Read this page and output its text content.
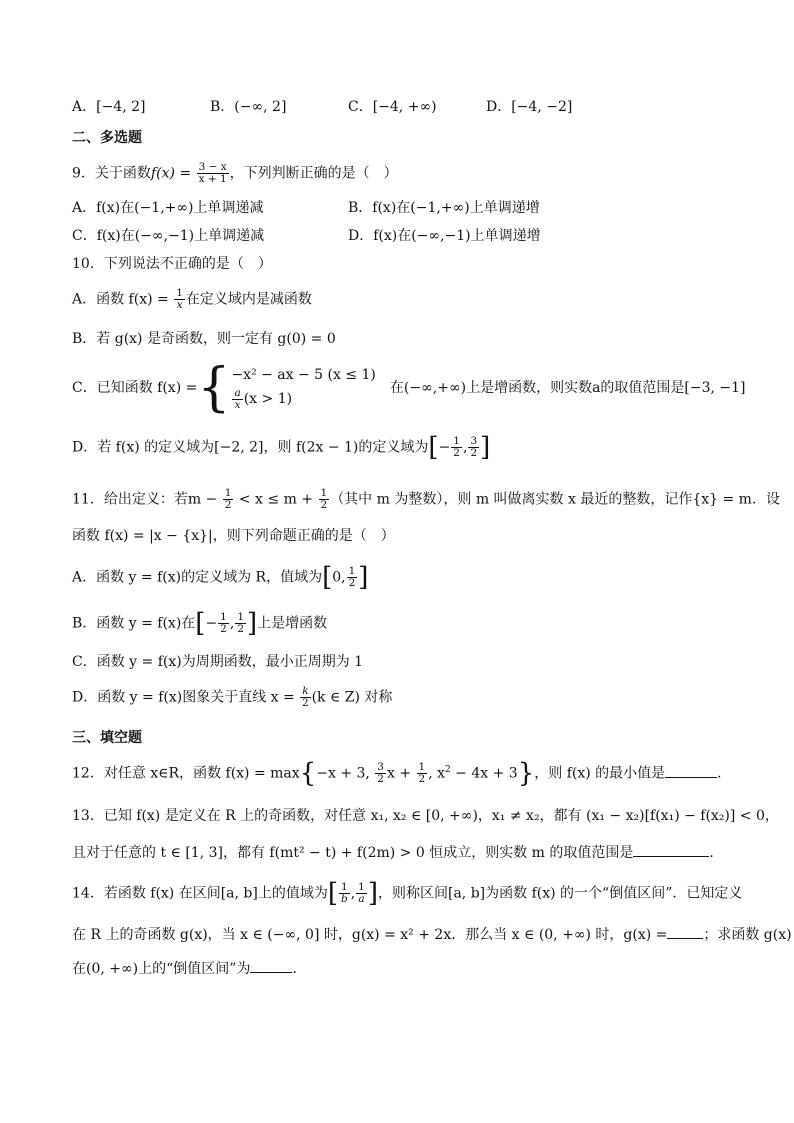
A．[−4, 2]	B．(−∞, 2]	C．[−4, +∞)	D．[−4, −2]
二、多选题
9．关于函数$f(x) = \frac{3 - x}{x + 1}$ ，下列判断正确的是（　）
A．f(x)在(−1,+∞)上单调递减	B．f(x)在(−1,+∞)上单调递增
C．f(x)在(−∞,−1)上单调递减	D．f(x)在(−∞,−1)上单调递增
10．下列说法不正确的是（　）
A．函数 $f(x) = \frac{1}{x}$ 在定义域内是减函数
B．若 g(x) 是奇函数，则一定有 g(0) = 0
C．已知函数 f(x) ={ −x² − ax − 5 (x ≤ 1)
$\frac{a}{x} (x > 1)$
在(−∞,+∞)上是增函数，则实数a的取值范围是[−3, −1]
D．若 f(x) 的定义域为[−2, 2]，则 f(2x − 1)的定义域为[− $\frac{1}{2}$ , $\frac{3}{2}$ ]
11．给出定义：若$m - \frac{1}{2} < x \le m + \frac{1}{2}$ （其中 m 为整数），则 m 叫做离实数 x 最近的整数，记作{x} = m．设
函数 f(x) = |x − {x}|，则下列命题正确的是（　）
A．函数 y = f(x)的定义域为 R，值域为[0, $\frac{1}{2}$ ]
B．函数 y = f(x)在[− $\frac{1}{2}$ , $\frac{1}{2}$ ]上是增函数
C．函数 y = f(x)为周期函数，最小正周期为 1
D．函数 y = f(x)图象关于直线 $x = \frac{k}{2} (k$ ∈ Z) 对称
三、填空题
12．对任意 x∈R，函数 f(x) = max{−x + 3, $\frac{3}{2}$ $x + \frac{1}{2}$ , $x^2 - 4x + 3$}，则 f(x) 的最小值是	．
13．已知 f(x) 是定义在 R 上的奇函数，对任意 x₁, x₂ ∈ [0, +∞)，x₁ ≠ x₂，都有 (x₁ − x₂)[f(x₁) − f(x₂)] < 0，
且对于任意的 t ∈ [1, 3]，都有 f(mt² − t) + f(2m) > 0 恒成立，则实数 m 的取值范围是	．
14．若函数 f(x) 在区间[a, b]上的值域为[ $\frac{1}{b}$ , $\frac{1}{a}$ ]，则称区间[a, b]为函数 f(x) 的一个“倒值区间”．已知定义
在 R 上的奇函数 g(x)，当 x ∈ (−∞, 0] 时，g(x) = x² + 2x．那么当 x ∈ (0, +∞) 时，g(x) =	；求函数 g(x)
在(0, +∞)上的“倒值区间”为	．
